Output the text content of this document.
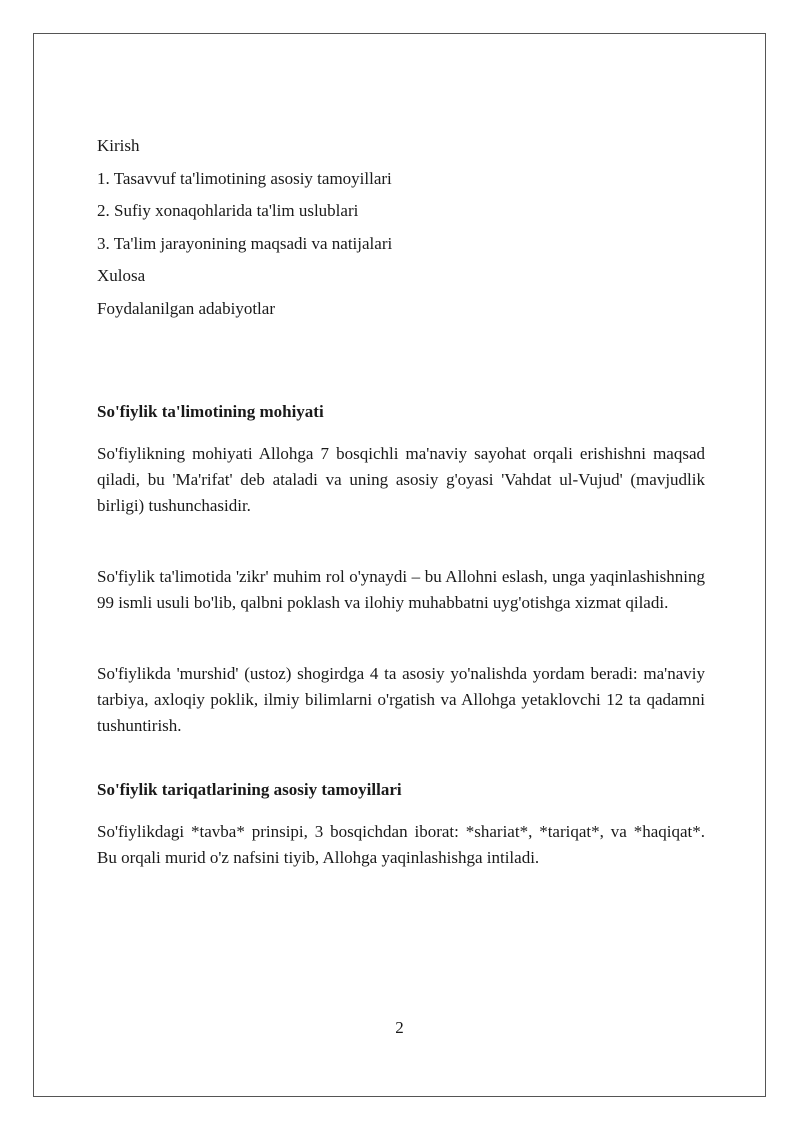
Kirish

1. Tasavvuf ta'limotining asosiy tamoyillari

2. Sufiy xonaqohlarida ta'lim uslublari

3. Ta'lim jarayonining maqsadi va natijalari

Xulosa

Foydalanilgan adabiyotlar

So'fiylik ta'limotining mohiyati

So'fiylikning mohiyati Allohga 7 bosqichli ma'naviy sayohat orqali erishishni maqsad qiladi, bu 'Ma'rifat' deb ataladi va uning asosiy g'oyasi 'Vahdat ul-Vujud' (mavjudlik birligi) tushunchasidir.

So'fiylik ta'limotida 'zikr' muhim rol o'ynaydi – bu Allohni eslash, unga yaqinlashishning 99 ismli usuli bo'lib, qalbni poklash va ilohiy muhabbatni uyg'otishga xizmat qiladi.

So'fiylikda 'murshid' (ustoz) shogirdga 4 ta asosiy yo'nalishda yordam beradi: ma'naviy tarbiya, axloqiy poklik, ilmiy bilimlarni o'rgatish va Allohga yetaklovchi 12 ta qadamni tushuntirish.

So'fiylik tariqatlarining asosiy tamoyillari

So'fiylikdagi *tavba* prinsipi, 3 bosqichdan iborat: *shariat*, *tariqat*, va *haqiqat*. Bu orqali murid o'z nafsini tiyib, Allohga yaqinlashishga intiladi.

2
